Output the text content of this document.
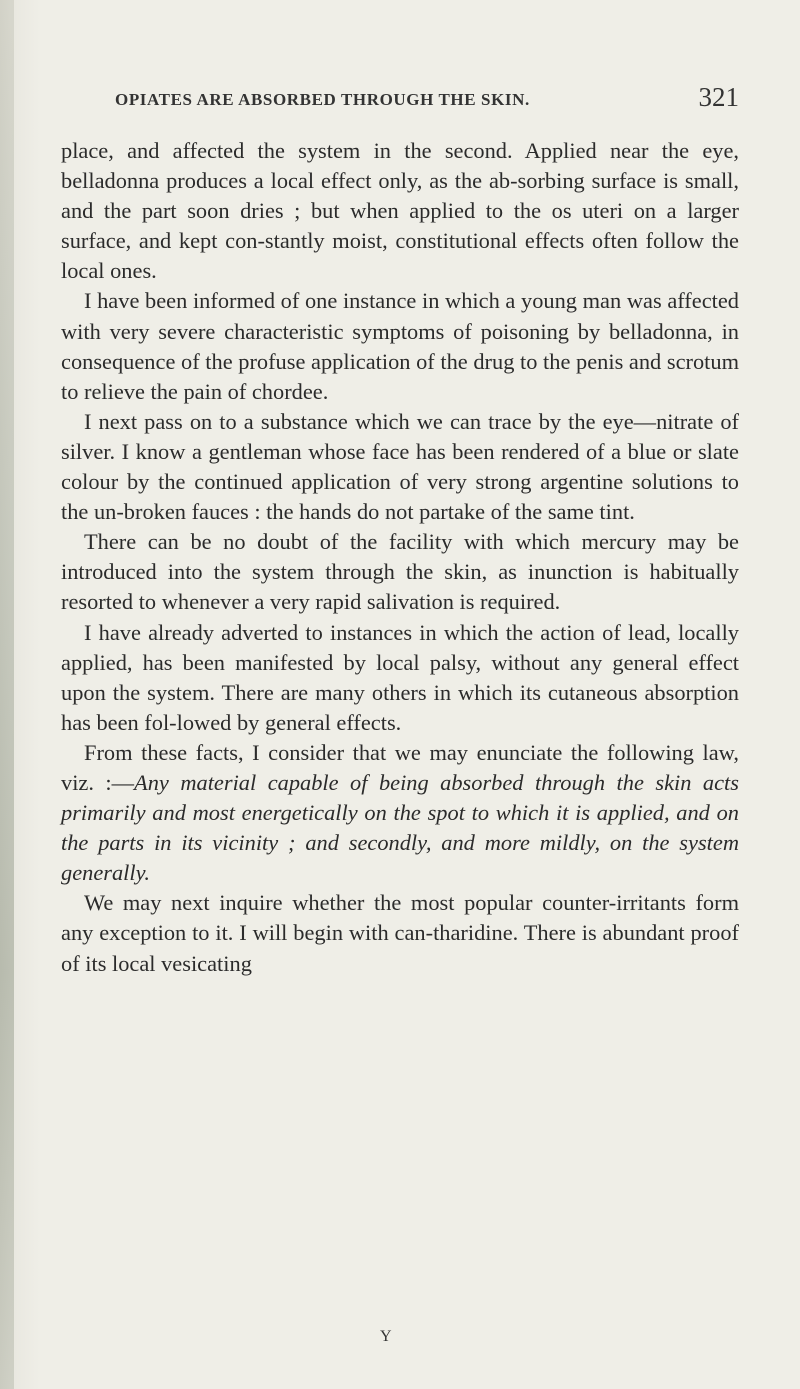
OPIATES ARE ABSORBED THROUGH THE SKIN.	321

place, and affected the system in the second. Applied near the eye, belladonna produces a local effect only, as the ab-sorbing surface is small, and the part soon dries ; but when applied to the os uteri on a larger surface, and kept con-stantly moist, constitutional effects often follow the local ones.

I have been informed of one instance in which a young man was affected with very severe characteristic symptoms of poisoning by belladonna, in consequence of the profuse application of the drug to the penis and scrotum to relieve the pain of chordee.

I next pass on to a substance which we can trace by the eye—nitrate of silver. I know a gentleman whose face has been rendered of a blue or slate colour by the continued application of very strong argentine solutions to the un-broken fauces : the hands do not partake of the same tint.

There can be no doubt of the facility with which mercury may be introduced into the system through the skin, as inunction is habitually resorted to whenever a very rapid salivation is required.

I have already adverted to instances in which the action of lead, locally applied, has been manifested by local palsy, without any general effect upon the system. There are many others in which its cutaneous absorption has been fol-lowed by general effects.

From these facts, I consider that we may enunciate the following law, viz. :—Any material capable of being absorbed through the skin acts primarily and most energetically on the spot to which it is applied, and on the parts in its vicinity ; and secondly, and more mildly, on the system generally.

We may next inquire whether the most popular counter-irritants form any exception to it. I will begin with can-tharidine. There is abundant proof of its local vesicating

Y
